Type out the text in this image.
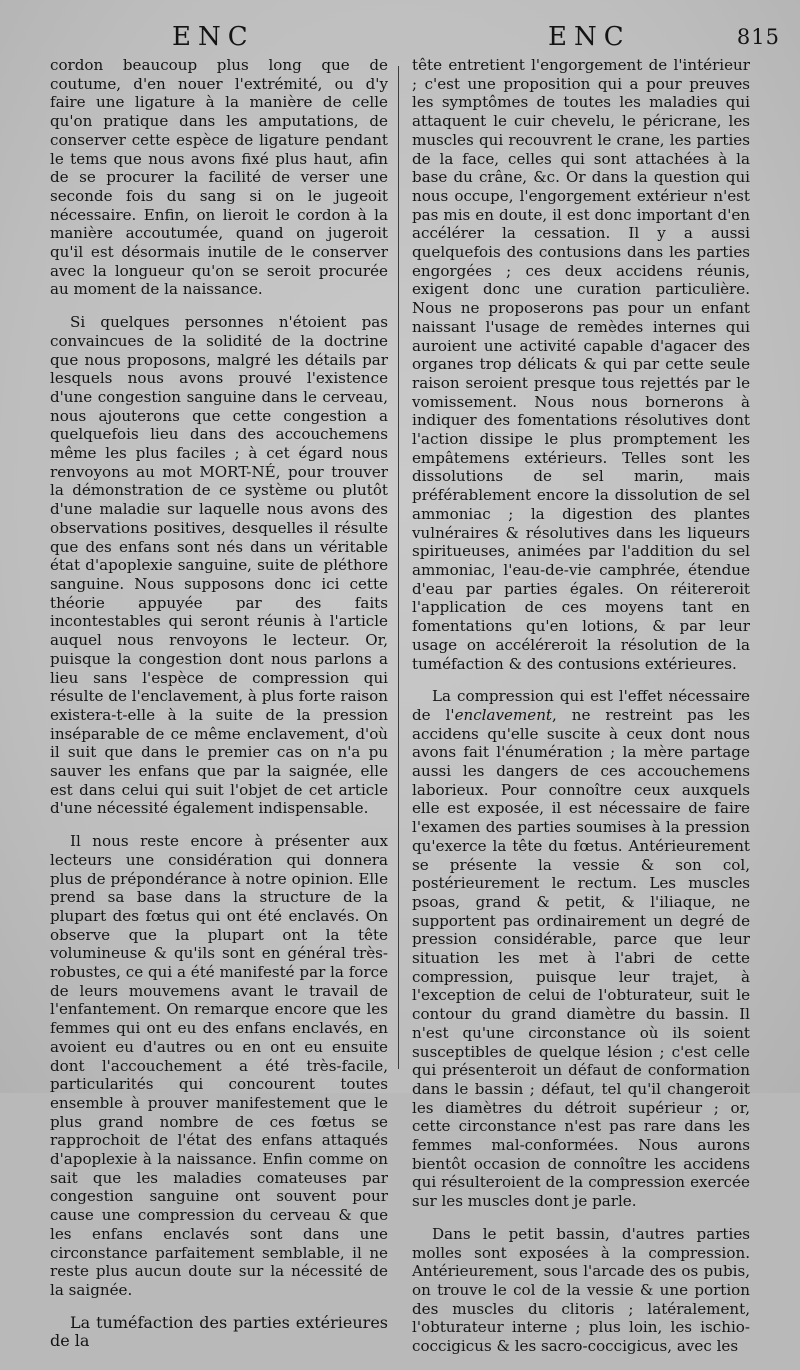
ENC	ENC	815

cordon beaucoup plus long que de coutume, d'en nouer l'extrémité, ou d'y faire une ligature à la manière de celle qu'on pratique dans les amputations, de conserver cette espèce de ligature pendant le tems que nous avons fixé plus haut, afin de se procurer la facilité de verser une seconde fois du sang si on le jugeoit nécessaire. Enfin, on lieroit le cordon à la manière accoutumée, quand on jugeroit qu'il est désormais inutile de le conserver avec la longueur qu'on se seroit procurée au moment de la naissance.

Si quelques personnes n'étoient pas convaincues de la solidité de la doctrine que nous proposons, malgré les détails par lesquels nous avons prouvé l'existence d'une congestion sanguine dans le cerveau, nous ajouterons que cette congestion a quelquefois lieu dans des accouchemens même les plus faciles ; à cet égard nous renvoyons au mot MORT-NÉ, pour trouver la démonstration de ce système ou plutôt d'une maladie sur laquelle nous avons des observations positives, desquelles il résulte que des enfans sont nés dans un véritable état d'apoplexie sanguine, suite de pléthore sanguine. Nous supposons donc ici cette théorie appuyée par des faits incontestables qui seront réunis à l'article auquel nous renvoyons le lecteur. Or, puisque la congestion dont nous parlons a lieu sans l'espèce de compression qui résulte de l'enclavement, à plus forte raison existera-t-elle à la suite de la pression inséparable de ce même enclavement, d'où il suit que dans le premier cas on n'a pu sauver les enfans que par la saignée, elle est dans celui qui suit l'objet de cet article d'une nécessité également indispensable.

Il nous reste encore à présenter aux lecteurs une considération qui donnera plus de prépondérance à notre opinion. Elle prend sa base dans la structure de la plupart des fœtus qui ont été enclavés. On observe que la plupart ont la tête volumineuse & qu'ils sont en général très-robustes, ce qui a été manifesté par la force de leurs mouvemens avant le travail de l'enfantement. On remarque encore que les femmes qui ont eu des enfans enclavés, en avoient eu d'autres ou en ont eu ensuite dont l'accouchement a été très-facile, particularités qui concourent toutes ensemble à prouver manifestement que le plus grand nombre de ces fœtus se rapprochoit de l'état des enfans attaqués d'apoplexie à la naissance. Enfin comme on sait que les maladies comateuses par congestion sanguine ont souvent pour cause une compression du cerveau & que les enfans enclavés sont dans une circonstance parfaitement semblable, il ne reste plus aucun doute sur la nécessité de la saignée.

La tuméfaction des parties extérieures de la

tête entretient l'engorgement de l'intérieur ; c'est une proposition qui a pour preuves les symptômes de toutes les maladies qui attaquent le cuir chevelu, le péricrane, les muscles qui recouvrent le crane, les parties de la face, celles qui sont attachées à la base du crâne, &c. Or dans la question qui nous occupe, l'engorgement extérieur n'est pas mis en doute, il est donc important d'en accélérer la cessation. Il y a aussi quelquefois des contusions dans les parties engorgées ; ces deux accidens réunis, exigent donc une curation particulière. Nous ne proposerons pas pour un enfant naissant l'usage de remèdes internes qui auroient une activité capable d'agacer des organes trop délicats & qui par cette seule raison seroient presque tous rejettés par le vomissement. Nous nous bornerons à indiquer des fomentations résolutives dont l'action dissipe le plus promptement les empâtemens extérieurs. Telles sont les dissolutions de sel marin, mais préférablement encore la dissolution de sel ammoniac ; la digestion des plantes vulnéraires & résolutives dans les liqueurs spiritueuses, animées par l'addition du sel ammoniac, l'eau-de-vie camphrée, étendue d'eau par parties égales. On réitereroit l'application de ces moyens tant en fomentations qu'en lotions, & par leur usage on accéléreroit la résolution de la tuméfaction & des contusions extérieures.

La compression qui est l'effet nécessaire de l'enclavement, ne restreint pas les accidens qu'elle suscite à ceux dont nous avons fait l'énumération ; la mère partage aussi les dangers de ces accouchemens laborieux. Pour connoître ceux auxquels elle est exposée, il est nécessaire de faire l'examen des parties soumises à la pression qu'exerce la tête du fœtus. Antérieurement se présente la vessie & son col, postérieurement le rectum. Les muscles psoas, grand & petit, & l'iliaque, ne supportent pas ordinairement un degré de pression considérable, parce que leur situation les met à l'abri de cette compression, puisque leur trajet, à l'exception de celui de l'obturateur, suit le contour du grand diamètre du bassin. Il n'est qu'une circonstance où ils soient susceptibles de quelque lésion ; c'est celle qui présenteroit un défaut de conformation dans le bassin ; défaut, tel qu'il changeroit les diamètres du détroit supérieur ; or, cette circonstance n'est pas rare dans les femmes mal-conformées. Nous aurons bientôt occasion de connoître les accidens qui résulteroient de la compression exercée sur les muscles dont je parle.

Dans le petit bassin, d'autres parties molles sont exposées à la compression. Antérieurement, sous l'arcade des os pubis, on trouve le col de la vessie & une portion des muscles du clitoris ; latéralement, l'obturateur interne ; plus loin, les ischio-coccigicus & les sacro-coccigicus, avec les
